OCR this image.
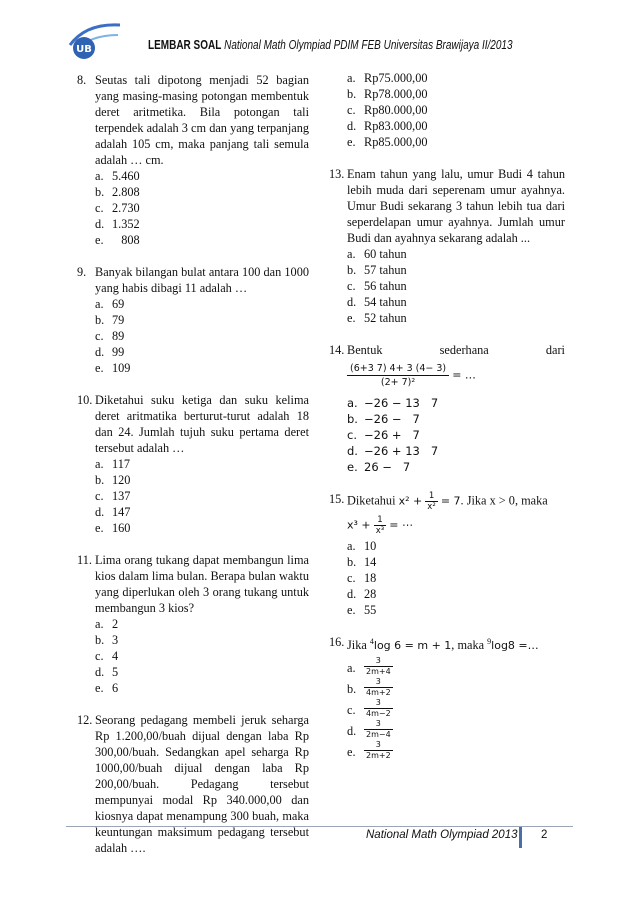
UB	LEMBAR SOAL National Math Olympiad PDIM FEB Universitas Brawijaya II/2013
8. Seutas tali dipotong menjadi 52 bagian yang masing-masing potongan membentuk deret aritmetika. Bila potongan tali terpendek adalah 3 cm dan yang terpanjang adalah 105 cm, maka panjang tali semula adalah … cm.
a. 5.460
b. 2.808
c. 2.730
d. 1.352
e. 808
9. Banyak bilangan bulat antara 100 dan 1000 yang habis dibagi 11 adalah …
a. 69
b. 79
c. 89
d. 99
e. 109
10. Diketahui suku ketiga dan suku kelima deret aritmatika berturut-turut adalah 18 dan 24. Jumlah tujuh suku pertama deret tersebut adalah …
a. 117
b. 120
c. 137
d. 147
e. 160
11. Lima orang tukang dapat membangun lima kios dalam lima bulan. Berapa bulan waktu yang diperlukan oleh 3 orang tukang untuk membangun 3 kios?
a. 2
b. 3
c. 4
d. 5
e. 6
12. Seorang pedagang membeli jeruk seharga Rp 1.200,00/buah dijual dengan laba Rp 300,00/buah. Sedangkan apel seharga Rp 1000,00/buah dijual dengan laba Rp 200,00/buah. Pedagang tersebut mempunyai modal Rp 340.000,00 dan kiosnya dapat menampung 300 buah, maka keuntungan maksimum pedagang tersebut adalah ….
a. Rp75.000,00
b. Rp78.000,00
c. Rp80.000,00
d. Rp83.000,00
e. Rp85.000,00
13. Enam tahun yang lalu, umur Budi 4 tahun lebih muda dari seperenam umur ayahnya. Umur Budi sekarang 3 tahun lebih tua dari seperdelapan umur ayahnya. Jumlah umur Budi dan ayahnya sekarang adalah ...
a. 60 tahun
b. 57 tahun
c. 56 tahun
d. 54 tahun
e. 52 tahun
14. Bentuk	sederhana	dari
$\frac{(6+3 7) 4+ 3 (4- 3)}{\text{(2+ 7)²}}$ = …
a. −26 − 13   7
b. −26 −   7
c. −26 +   7
d. −26 + 13   7
e. 26 −   7
15. Diketahui $x^2 + \frac{1}{\text{x²}} = 7$. Jika x > 0, maka
$x^3 + \frac{1}{\text{x³}}$ = ⋯
a. 10
b. 14
c. 18
d. 28
e. 55
16. Jika $^4$log 6 = m + 1, maka $^9$log8 =…
a. $\frac{3}{2m+4}$
b. $\frac{3}{4m+2}$
c. $\frac{3}{4m-2}$
d. $\frac{3}{2m-4}$
e. $\frac{3}{2m+2}$
National Math Olympiad 2013 2
